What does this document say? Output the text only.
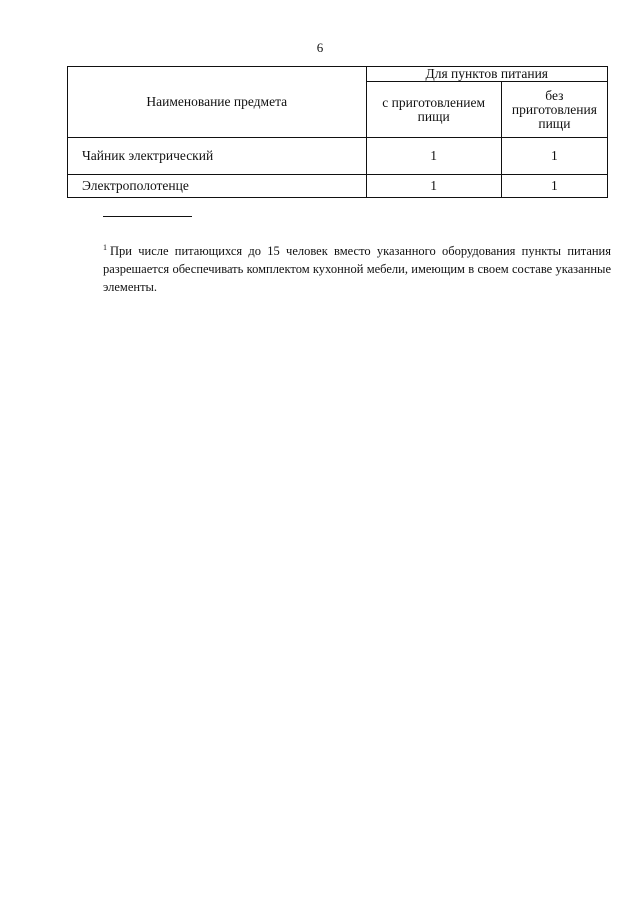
6
Наименование предмета	Для пунктов питания	
	с приготовлением пищи	без приготовления пищи
Чайник электрический	1	1
Электрополотенце	1	1
$^1$ При числе питающихся до 15 человек вместо указанного оборудования пункты питания разрешается обеспечивать комплектом кухонной мебели, имеющим в своем составе указанные элементы.
